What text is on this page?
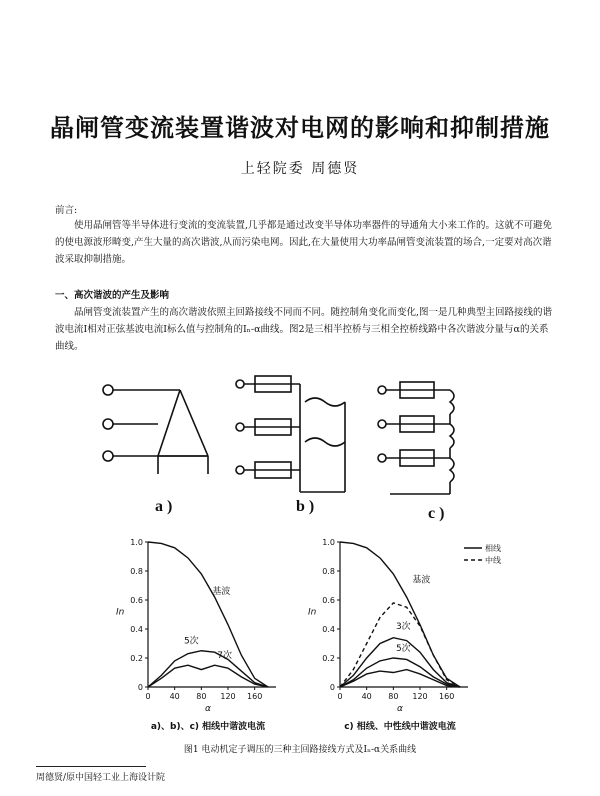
晶闸管变流装置谐波对电网的影响和抑制措施
上轻院委 周德贤
前言:
使用晶闸管等半导体进行变流的变流装置,几乎都是通过改变半导体功率器件的导通角大小来工作的。这就不可避免的使电源波形畸变,产生大量的高次谐波,从而污染电网。因此,在大量使用大功率晶闸管变流装置的场合,一定要对高次谐波采取抑制措施。
一、高次谐波的产生及影响
晶闸管变流装置产生的高次谐波依照主回路接线不同而不同。随控制角变化而变化,图一是几种典型主回路接线的谐波电流I相对正弦基波电流I标么值与控制角的Iₙ-α曲线。图2是三相半控桥与三相全控桥线路中各次谐波分量与α的关系曲线。
a )	b )	c )
0 40 80 120 160
0
0.2
0.4
0.6
0.8
1.0
α
In
基波
5次
7次
a)、b)、c) 相线中谐波电流
0 40 80 120 160
0
0.2
0.4
0.6
0.8
1.0
α
In
基波
3次
5次
c) 相线、中性线中谐波电流
相线
中线
图1 电动机定子调压的三种主回路接线方式及Iₙ-α关系曲线
周德贤/原中国轻工业上海设计院
